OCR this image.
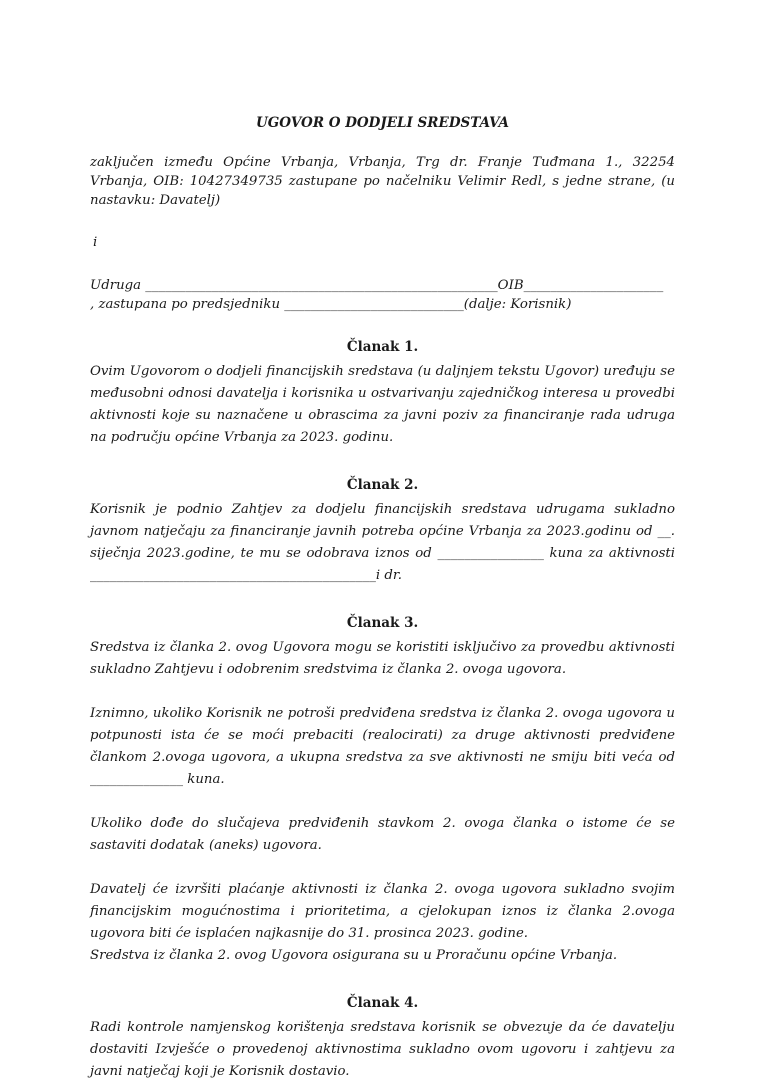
UGOVOR O DODJELI SREDSTAVA

zaključen između Općine Vrbanja, Vrbanja, Trg dr. Franje Tuđmana 1., 32254 Vrbanja, OIB: 10427349735 zastupane po načelniku Velimir Redl, s jedne strane, (u nastavku: Davatelj)

i

Udruga _____________________________________________________OIB_____________________

, zastupana po predsjedniku ___________________________(dalje: Korisnik)

Članak 1.

Ovim Ugovorom o dodjeli financijskih sredstava (u daljnjem tekstu Ugovor) uređuju se međusobni odnosi davatelja i korisnika u ostvarivanju zajedničkog interesa u provedbi aktivnosti koje su naznačene u obrascima za javni poziv za financiranje rada udruga na području općine Vrbanja za 2023. godinu.

Članak 2.

Korisnik je podnio Zahtjev za dodjelu financijskih sredstava udrugama sukladno javnom natječaju za financiranje javnih potreba općine Vrbanja za 2023.godinu od __. siječnja 2023.godine, te mu se odobrava iznos od ________________ kuna za aktivnosti ___________________________________________i dr.

Članak 3.

Sredstva iz članka 2. ovog Ugovora mogu se koristiti isključivo za provedbu aktivnosti sukladno Zahtjevu i odobrenim sredstvima iz članka 2. ovoga ugovora.

Iznimno, ukoliko Korisnik ne potroši predviđena sredstva iz članka 2. ovoga ugovora u potpunosti ista će se moći prebaciti (realocirati) za druge aktivnosti predviđene člankom 2.ovoga ugovora, a ukupna sredstva za sve aktivnosti ne smiju biti veća od ______________ kuna.

Ukoliko dođe do slučajeva predviđenih stavkom 2. ovoga članka o istome će se sastaviti dodatak (aneks) ugovora.

Davatelj će izvršiti plaćanje aktivnosti iz članka 2. ovoga ugovora sukladno svojim financijskim mogućnostima i prioritetima, a cjelokupan iznos iz članka 2.ovoga ugovora biti će isplaćen najkasnije do 31. prosinca 2023. godine.

Sredstva iz članka 2. ovog Ugovora osigurana su u Proračunu općine Vrbanja.

Članak 4.

Radi kontrole namjenskog korištenja sredstava korisnik se obvezuje da će davatelju dostaviti Izvješće o provedenoj aktivnostima sukladno ovom ugovoru i zahtjevu za javni natječaj koji je Korisnik dostavio.
